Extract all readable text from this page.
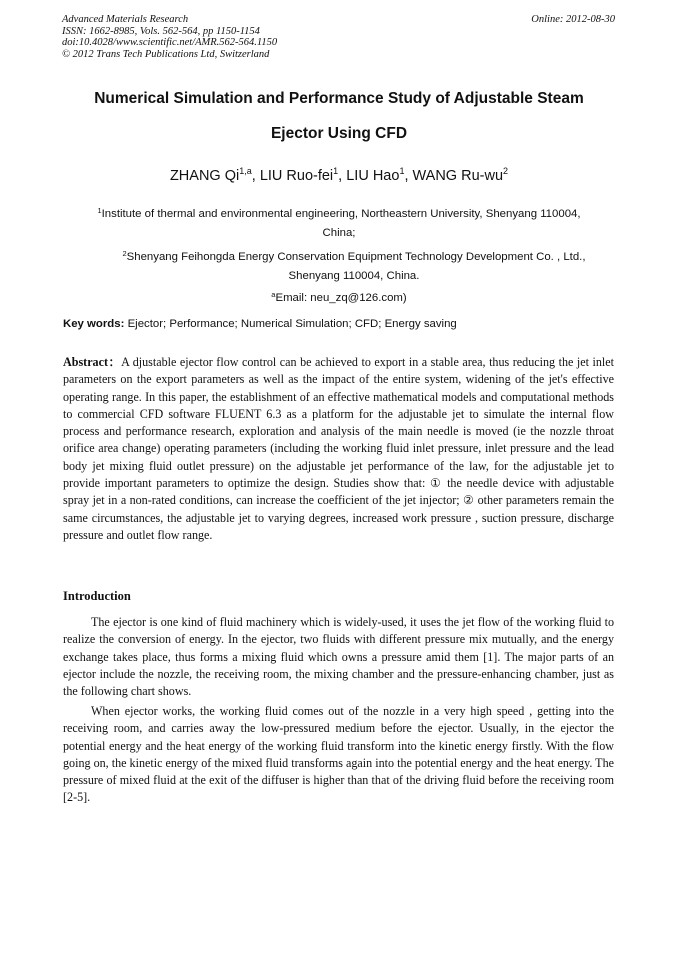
Advanced Materials Research
ISSN: 1662-8985, Vols. 562-564, pp 1150-1154
doi:10.4028/www.scientific.net/AMR.562-564.1150
© 2012 Trans Tech Publications Ltd, Switzerland
Online: 2012-08-30
Numerical Simulation and Performance Study of Adjustable Steam
Ejector Using CFD
ZHANG Qi$^{1,a}$, LIU Ruo-fei$^1$, LIU Hao$^1$, WANG $Ru-wu^2$
$^1$Institute of thermal and environmental engineering, Northeastern University, Shenyang 110004,
China;
$^2$Shenyang Feihongda Energy Conservation Equipment Technology Development Co. , Ltd.,
Shenyang 110004, China.
$^a$Email: neu_zq@126.com)
Key words: Ejector; Performance; Numerical Simulation; CFD; Energy saving
Abstract：A djustable ejector flow control can be achieved to export in a stable area, thus reducing the jet inlet parameters on the export parameters as well as the impact of the entire system, widening of the jet's effective operating range. In this paper, the establishment of an effective mathematical models and computational methods to commercial CFD software FLUENT 6.3 as a platform for the adjustable jet to simulate the internal flow process and performance research, exploration and analysis of the main needle is moved (ie the nozzle throat orifice area change) operating parameters (including the working fluid inlet pressure, inlet pressure and the lead body jet mixing fluid outlet pressure) on the adjustable jet performance of the law, for the adjustable jet to provide important parameters to optimize the design. Studies show that: ① the needle device with adjustable spray jet in a non-rated conditions, can increase the coefficient of the jet injector; ② other parameters remain the same circumstances, the adjustable jet to varying degrees, increased work pressure , suction pressure, discharge pressure and outlet flow range.
Introduction

The ejector is one kind of fluid machinery which is widely-used, it uses the jet flow of the working fluid to realize the conversion of energy. In the ejector, two fluids with different pressure mix mutually, and the energy exchange takes place, thus forms a mixing fluid which owns a pressure amid them [1]. The major parts of an ejector include the nozzle, the receiving room, the mixing chamber and the pressure-enhancing chamber, just as the following chart shows.

When ejector works, the working fluid comes out of the nozzle in a very high speed , getting into the receiving room, and carries away the low-pressured medium before the ejector. Usually, in the ejector the potential energy and the heat energy of the working fluid transform into the kinetic energy firstly. With the flow going on, the kinetic energy of the mixed fluid transforms again into the potential energy and the heat energy. The pressure of mixed fluid at the exit of the diffuser is higher than that of the driving fluid before the receiving room [2-5].
